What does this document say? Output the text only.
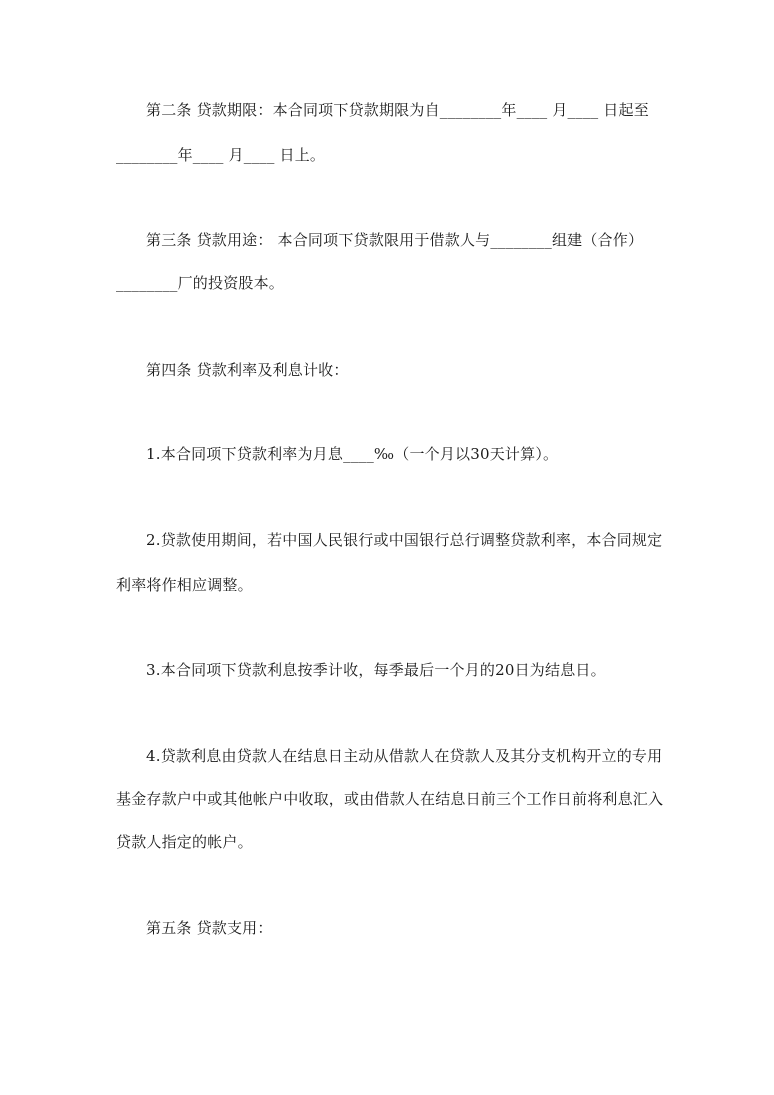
第二条 贷款期限：本合同项下贷款期限为自________年____ 月____ 日起至
________年____ 月____ 日上。
第三条 贷款用途： 本合同项下贷款限用于借款人与________组建（合作）
________厂的投资股本。
第四条 贷款利率及利息计收：
1.本合同项下贷款利率为月息____‰（一个月以30天计算）。
2.贷款使用期间，若中国人民银行或中国银行总行调整贷款利率，本合同规定
利率将作相应调整。
3.本合同项下贷款利息按季计收，每季最后一个月的20日为结息日。
4.贷款利息由贷款人在结息日主动从借款人在贷款人及其分支机构开立的专用
基金存款户中或其他帐户中收取，或由借款人在结息日前三个工作日前将利息汇入
贷款人指定的帐户。
第五条 贷款支用：
